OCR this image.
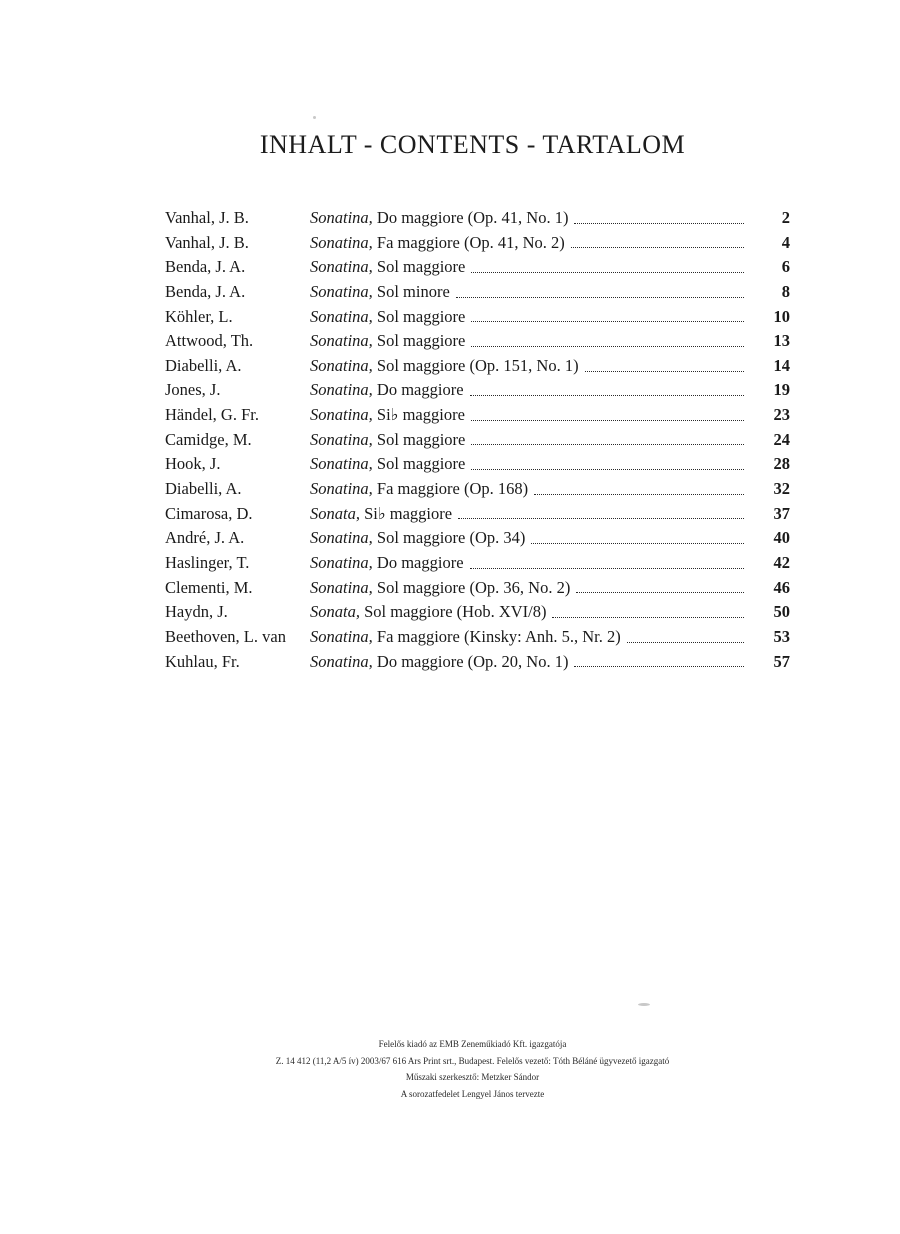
INHALT - CONTENTS - TARTALOM
Vanhal, J. B.	Sonatina, Do maggiore (Op. 41, No. 1)	2
Vanhal, J. B.	Sonatina, Fa maggiore (Op. 41, No. 2)	4
Benda, J. A.	Sonatina, Sol maggiore	6
Benda, J. A.	Sonatina, Sol minore	8
Köhler, L.	Sonatina, Sol maggiore	10
Attwood, Th.	Sonatina, Sol maggiore	13
Diabelli, A.	Sonatina, Sol maggiore (Op. 151, No. 1)	14
Jones, J.	Sonatina, Do maggiore	19
Händel, G. Fr.	Sonatina, Si♭ maggiore	23
Camidge, M.	Sonatina, Sol maggiore	24
Hook, J.	Sonatina, Sol maggiore	28
Diabelli, A.	Sonatina, Fa maggiore (Op. 168)	32
Cimarosa, D.	Sonata, Si♭ maggiore	37
André, J. A.	Sonatina, Sol maggiore (Op. 34)	40
Haslinger, T.	Sonatina, Do maggiore	42
Clementi, M.	Sonatina, Sol maggiore (Op. 36, No. 2)	46
Haydn, J.	Sonata, Sol maggiore (Hob. XVI/8)	50
Beethoven, L. van	Sonatina, Fa maggiore (Kinsky: Anh. 5., Nr. 2)	53
Kuhlau, Fr.	Sonatina, Do maggiore (Op. 20, No. 1)	57
Felelős kiadó az EMB Zeneműkiadó Kft. igazgatója
Z. 14 412 (11,2 A/5 ív) 2003/67 616 Ars Print srt., Budapest. Felelős vezető: Tóth Béláné ügyvezető igazgató
Műszaki szerkesztő: Metzker Sándor
A sorozatfedelet Lengyel János tervezte
